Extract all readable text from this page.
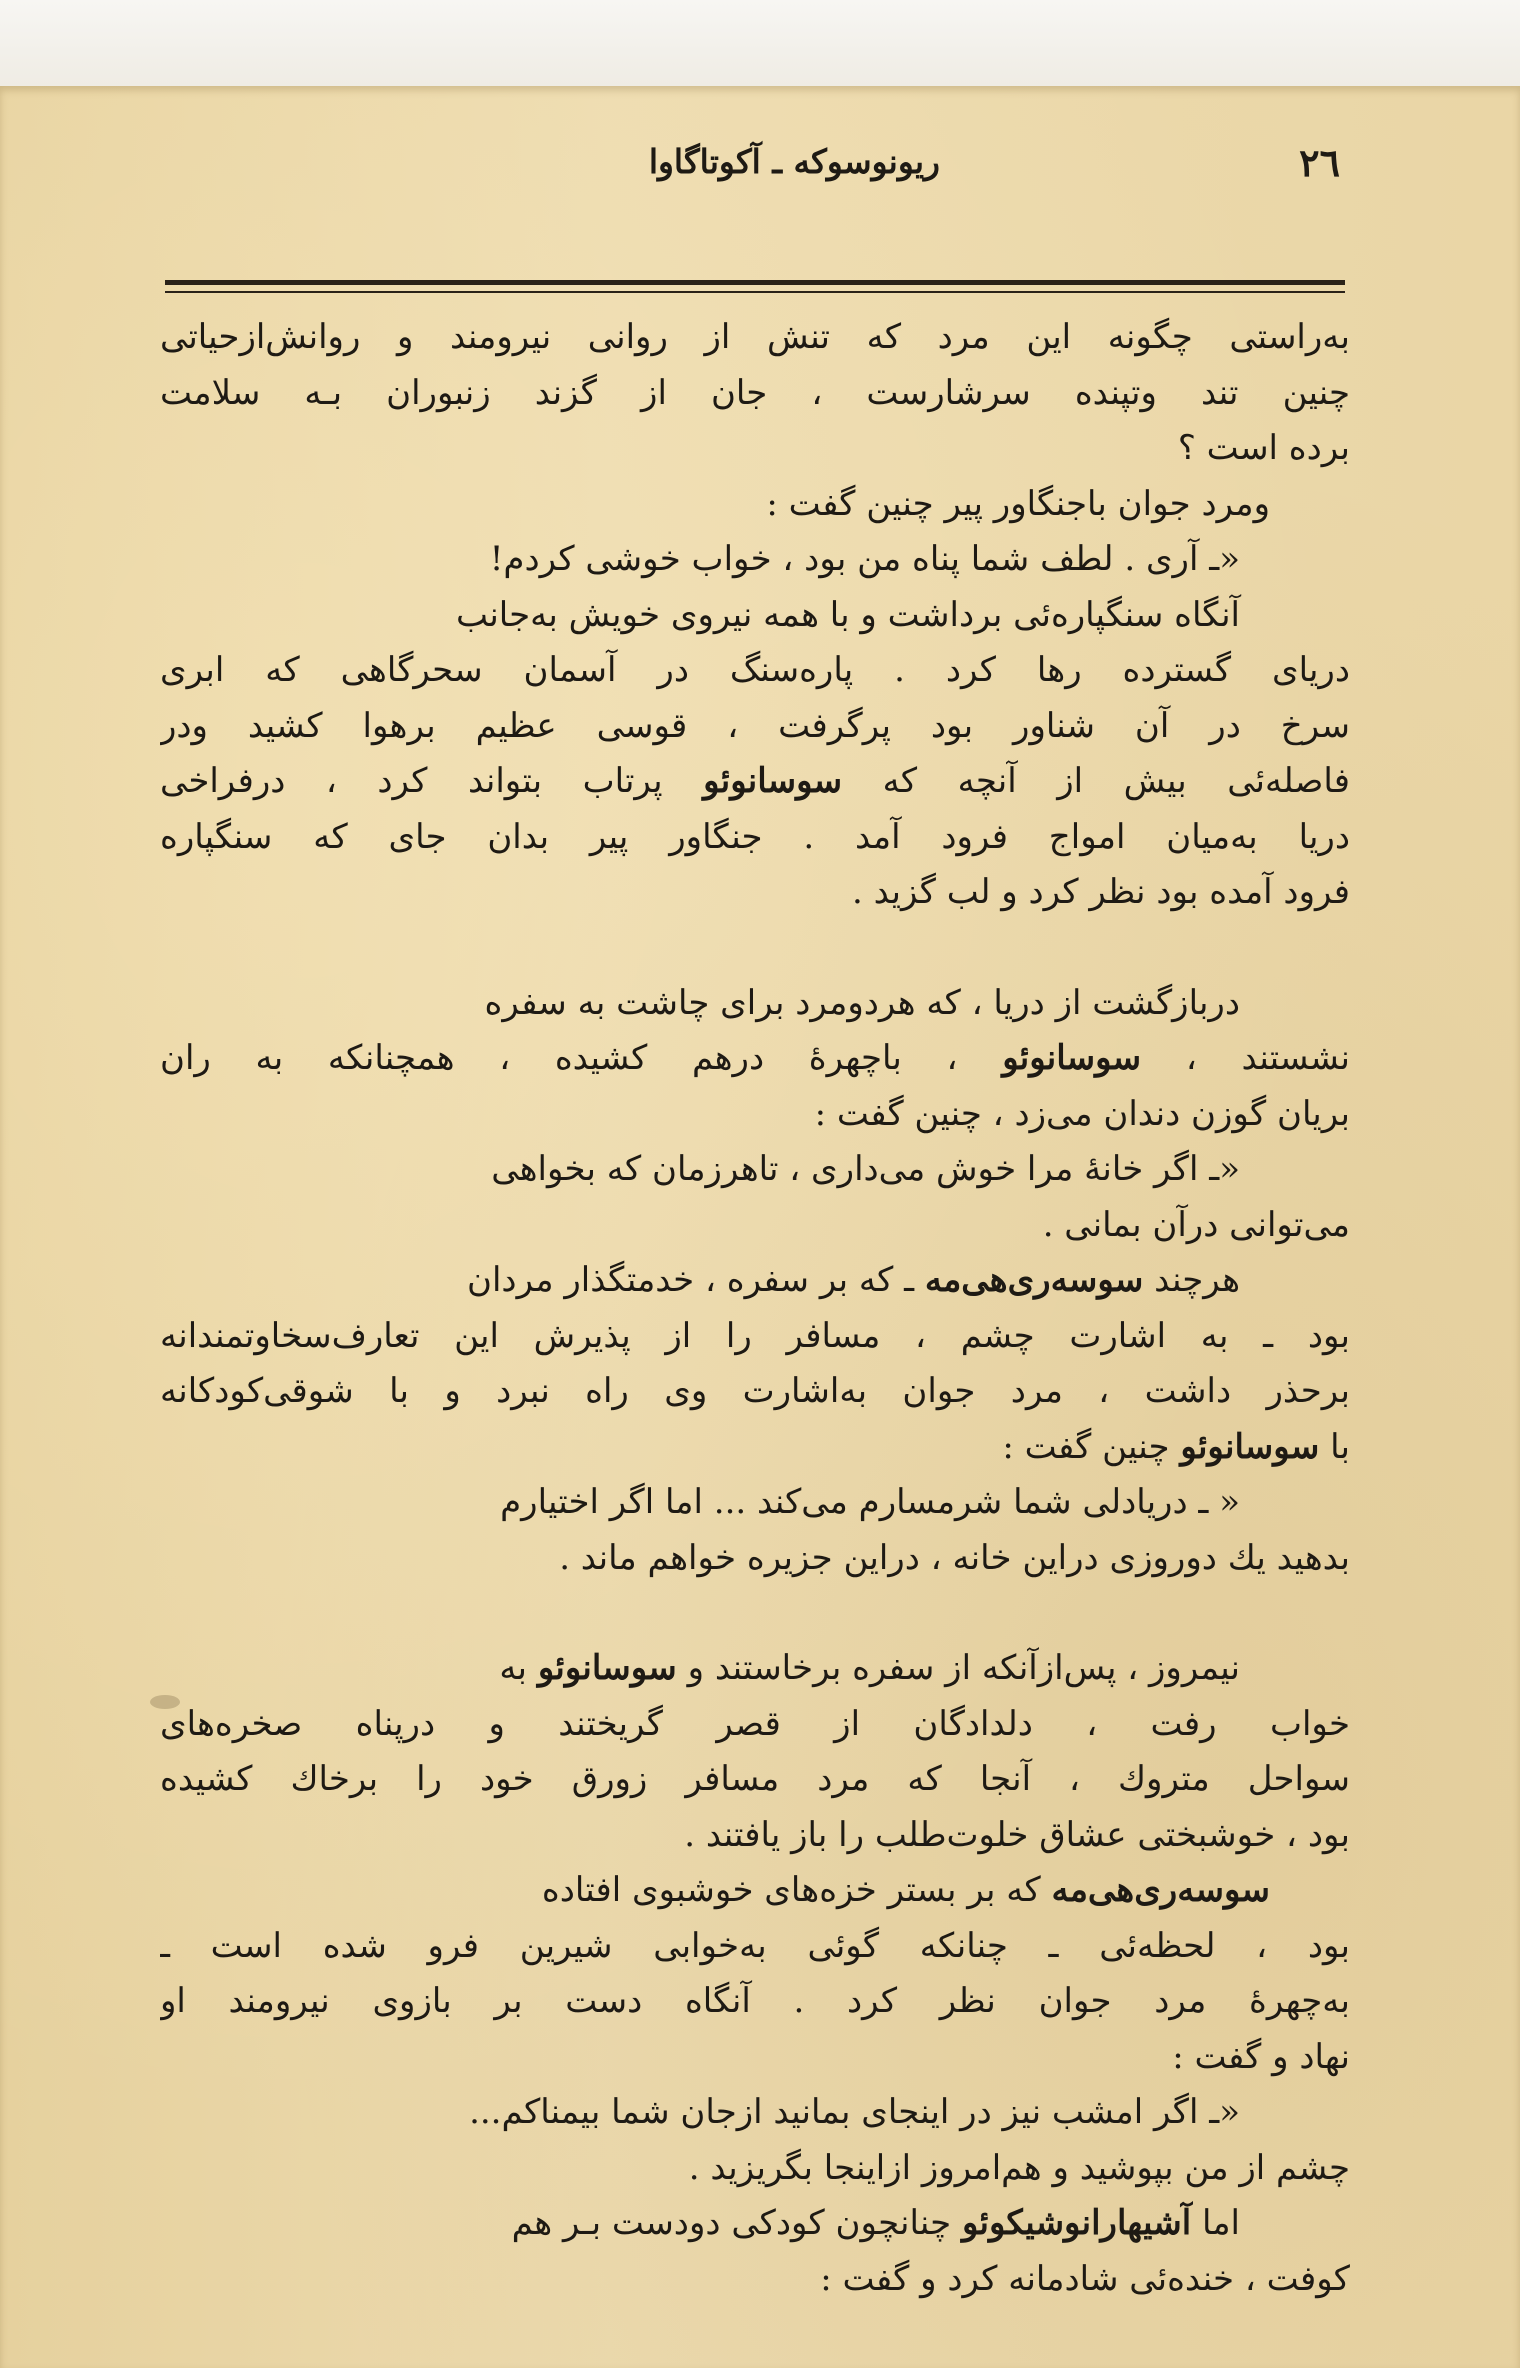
٢٦
ريونوسوکه ـ آکوتاگاوا
بەراستی چگونه این مرد که تنش از روانی نیرومند و روانش‌ازحیاتی
چنین تند وتپنده سرشارست ، جان از گزند زنبوران بـه سلامت
برده است ؟
ومرد جوان باجنگاور پیر چنین گفت :
«ـ آری . لطف شما پناه من بود ، خواب خوشی کردم!
آنگاه سنگپاره‌ئی برداشت و با همه نیروی خویش به‌جانب
دریای گسترده رها کرد . پاره‌سنگ در آسمان سحرگاهی که ابری
سرخ در آن شناور بود پرگرفت ، قوسی عظیم برهوا کشید ودر
فاصله‌ئی بیش از آنچه که سوسانوئو پرتاب بتواند کرد ، درفراخی
دریا به‌میان امواج فرود آمد . جنگاور پیر بدان جای که سنگپاره
فرود آمده بود نظر کرد و لب گزید .
دربازگشت از دریا ، که هردومرد برای چاشت به سفره
نشستند ، سوسانوئو ، باچهرهٔ درهم کشیده ، همچنانکه به ران
بریان گوزن دندان می‌زد ، چنین گفت :
«ـ اگر خانهٔ مرا خوش می‌داری ، تاهرزمان که بخواهی
می‌توانی درآن بمانی .
هرچند سوسه‌ری‌هی‌مه ـ که بر سفره ، خدمتگذار مردان
بود ـ به اشارت چشم ، مسافر را از پذیرش این تعارف‌سخاوتمندانه
برحذر داشت ، مرد جوان به‌اشارت وی راه نبرد و با شوقی‌کودکانه
با سوسانوئو چنین گفت :
« ـ دریادلی شما شرمسارم می‌کند ... اما اگر اختیارم
بدهید یك دوروزی دراین خانه ، دراین جزیره خواهم ماند .
نیمروز ، پس‌ازآنکه از سفره برخاستند و سوسانوئو به
خواب رفت ، دلدادگان از قصر گریختند و درپناه صخره‌های
سواحل متروك ، آنجا که مرد مسافر زورق خود را برخاك کشیده
بود ، خوشبختی عشاق خلوت‌طلب را باز یافتند .
سوسه‌ری‌هی‌مه که بر بستر خزه‌های خوشبوی افتاده
بود ، لحظه‌ئی ـ چنانکه گوئی به‌خوابی شیرین فرو شده است ـ
به‌چهرهٔ مرد جوان نظر کرد . آنگاه دست بر بازوی نیرومند او
نهاد و گفت :
«ـ اگر امشب نیز در اینجای بمانید ازجان شما بیمناکم...
چشم از من بپوشید و هم‌امروز ازاینجا بگریزید .
اما آشیهارانوشیکوئو چنانچون کودکی دودست بـر هم
کوفت ، خنده‌ئی شادمانه کرد و گفت :
